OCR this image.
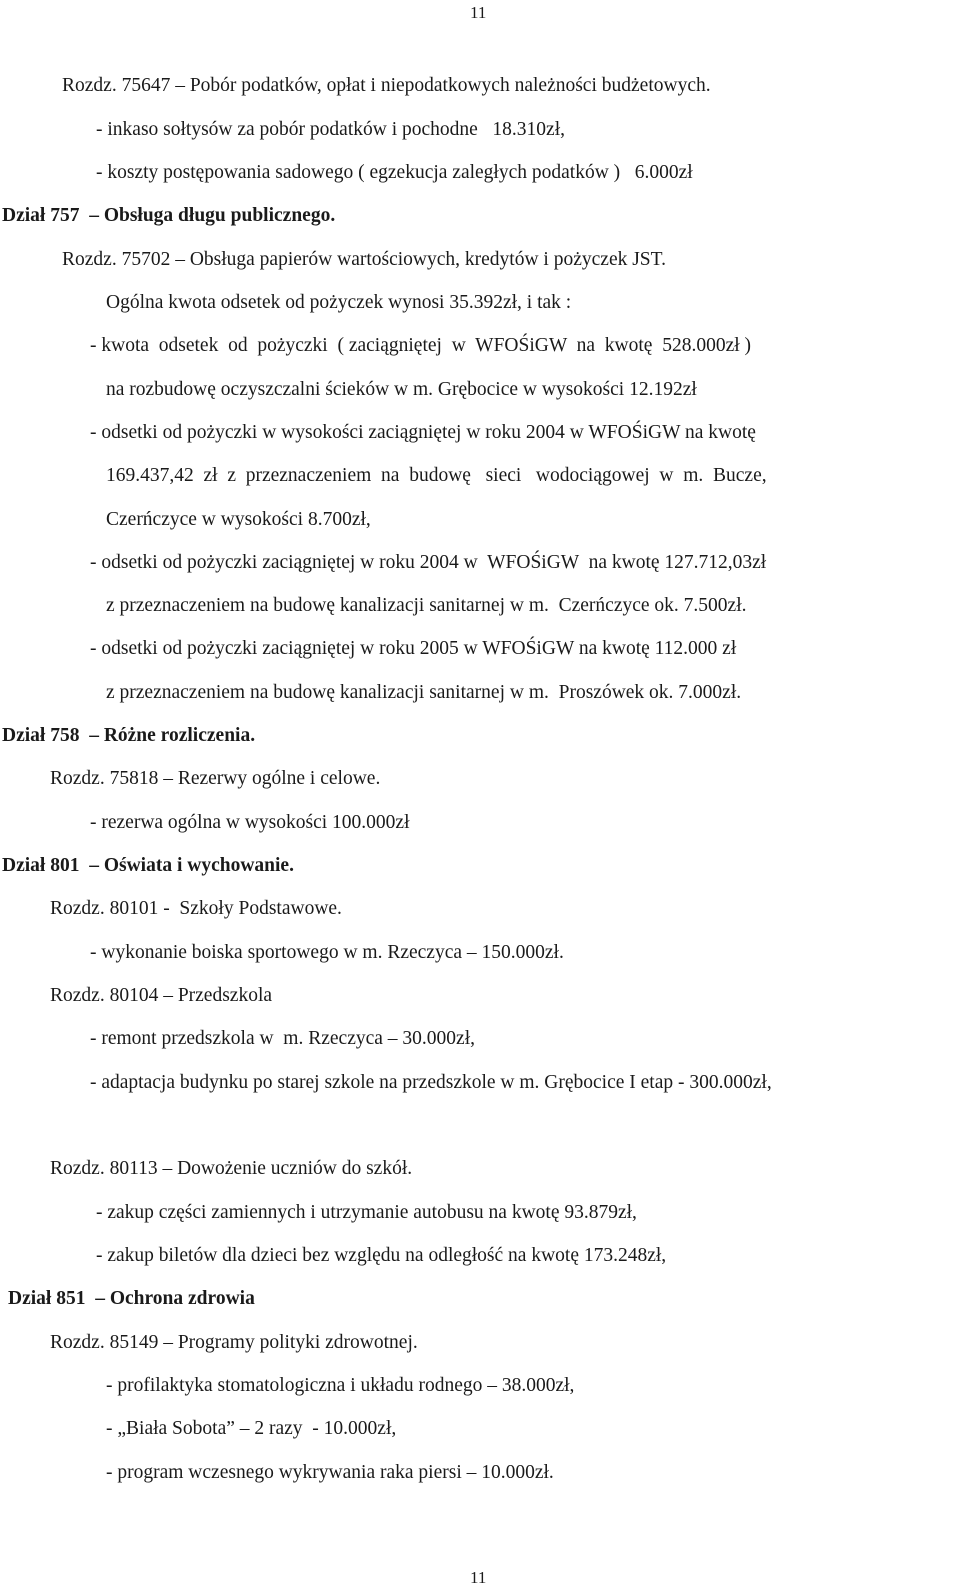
11
Rozdz. 75647 – Pobór podatków, opłat i niepodatkowych należności budżetowych.
- inkaso sołtysów za pobór podatków i pochodne   18.310zł,
- koszty postępowania sadowego ( egzekucja zaległych podatków )   6.000zł
Dział 757  – Obsługa długu publicznego.
Rozdz. 75702 – Obsługa papierów wartościowych, kredytów i pożyczek JST.
Ogólna kwota odsetek od pożyczek wynosi 35.392zł, i tak :
- kwota  odsetek  od  pożyczki  ( zaciągniętej  w  WFOŚiGW  na  kwotę  528.000zł )
na rozbudowę oczyszczalni ścieków w m. Grębocice w wysokości 12.192zł
- odsetki od pożyczki w wysokości zaciągniętej w roku 2004 w WFOŚiGW na kwotę
169.437,42  zł  z  przeznaczeniem  na  budowę   sieci   wodociągowej  w  m.  Bucze,
Czerńczyce w wysokości 8.700zł,
- odsetki od pożyczki zaciągniętej w roku 2004 w  WFOŚiGW  na kwotę 127.712,03zł
z przeznaczeniem na budowę kanalizacji sanitarnej w m.  Czerńczyce ok. 7.500zł.
- odsetki od pożyczki zaciągniętej w roku 2005 w WFOŚiGW na kwotę 112.000 zł
z przeznaczeniem na budowę kanalizacji sanitarnej w m.  Proszówek ok. 7.000zł.
Dział 758  – Różne rozliczenia.
Rozdz. 75818 – Rezerwy ogólne i celowe.
- rezerwa ogólna w wysokości 100.000zł
Dział 801  – Oświata i wychowanie.
Rozdz. 80101 -  Szkoły Podstawowe.
- wykonanie boiska sportowego w m. Rzeczyca – 150.000zł.
Rozdz. 80104 – Przedszkola
- remont przedszkola w  m. Rzeczyca – 30.000zł,
- adaptacja budynku po starej szkole na przedszkole w m. Grębocice I etap - 300.000zł,
Rozdz. 80113 – Dowożenie uczniów do szkół.
- zakup części zamiennych i utrzymanie autobusu na kwotę 93.879zł,
- zakup biletów dla dzieci bez względu na odległość na kwotę 173.248zł,
Dział 851  – Ochrona zdrowia
Rozdz. 85149 – Programy polityki zdrowotnej.
- profilaktyka stomatologiczna i układu rodnego – 38.000zł,
- „Biała Sobota” – 2 razy  - 10.000zł,
- program wczesnego wykrywania raka piersi – 10.000zł.
11
